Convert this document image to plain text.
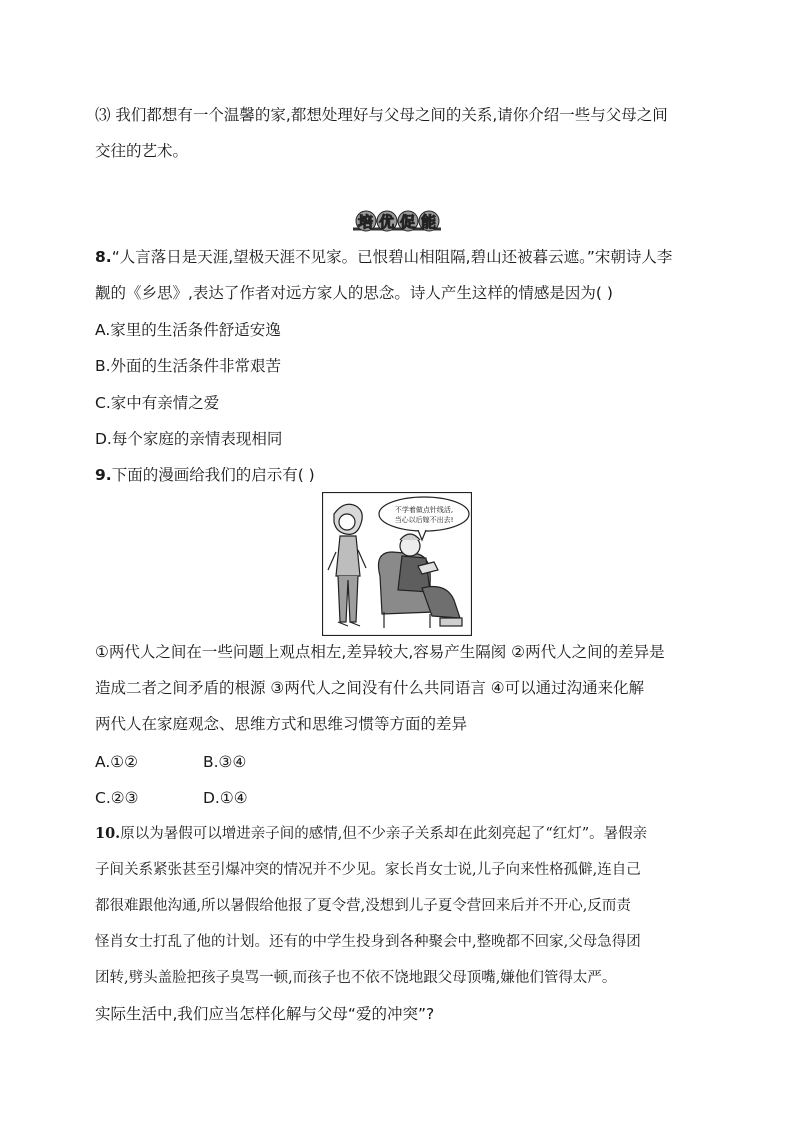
⑶ 我们都想有一个温馨的家,都想处理好与父母之间的关系,请你介绍一些与父母之间
交往的艺术。
培 优 促 能
8.“人言落日是天涯,望极天涯不见家。已恨碧山相阻隔,碧山还被暮云遮。”宋朝诗人李
觏的《乡思》,表达了作者对远方家人的思念。诗人产生这样的情感是因为( )
A.家里的生活条件舒适安逸
B.外面的生活条件非常艰苦
C.家中有亲情之爱
D.每个家庭的亲情表现相同
9.下面的漫画给我们的启示有( )
不学着做点针线活,
当心以后嫁不出去!
①两代人之间在一些问题上观点相左,差异较大,容易产生隔阂 ②两代人之间的差异是
造成二者之间矛盾的根源 ③两代人之间没有什么共同语言 ④可以通过沟通来化解
两代人在家庭观念、思维方式和思维习惯等方面的差异
A.①②	B.③④
C.②③	D.①④
10.原以为暑假可以增进亲子间的感情,但不少亲子关系却在此刻亮起了“红灯”。暑假亲
子间关系紧张甚至引爆冲突的情况并不少见。家长肖女士说,儿子向来性格孤僻,连自己
都很难跟他沟通,所以暑假给他报了夏令营,没想到儿子夏令营回来后并不开心,反而责
怪肖女士打乱了他的计划。还有的中学生投身到各种聚会中,整晚都不回家,父母急得团
团转,劈头盖脸把孩子臭骂一顿,而孩子也不依不饶地跟父母顶嘴,嫌他们管得太严。
实际生活中,我们应当怎样化解与父母“爱的冲突”?
